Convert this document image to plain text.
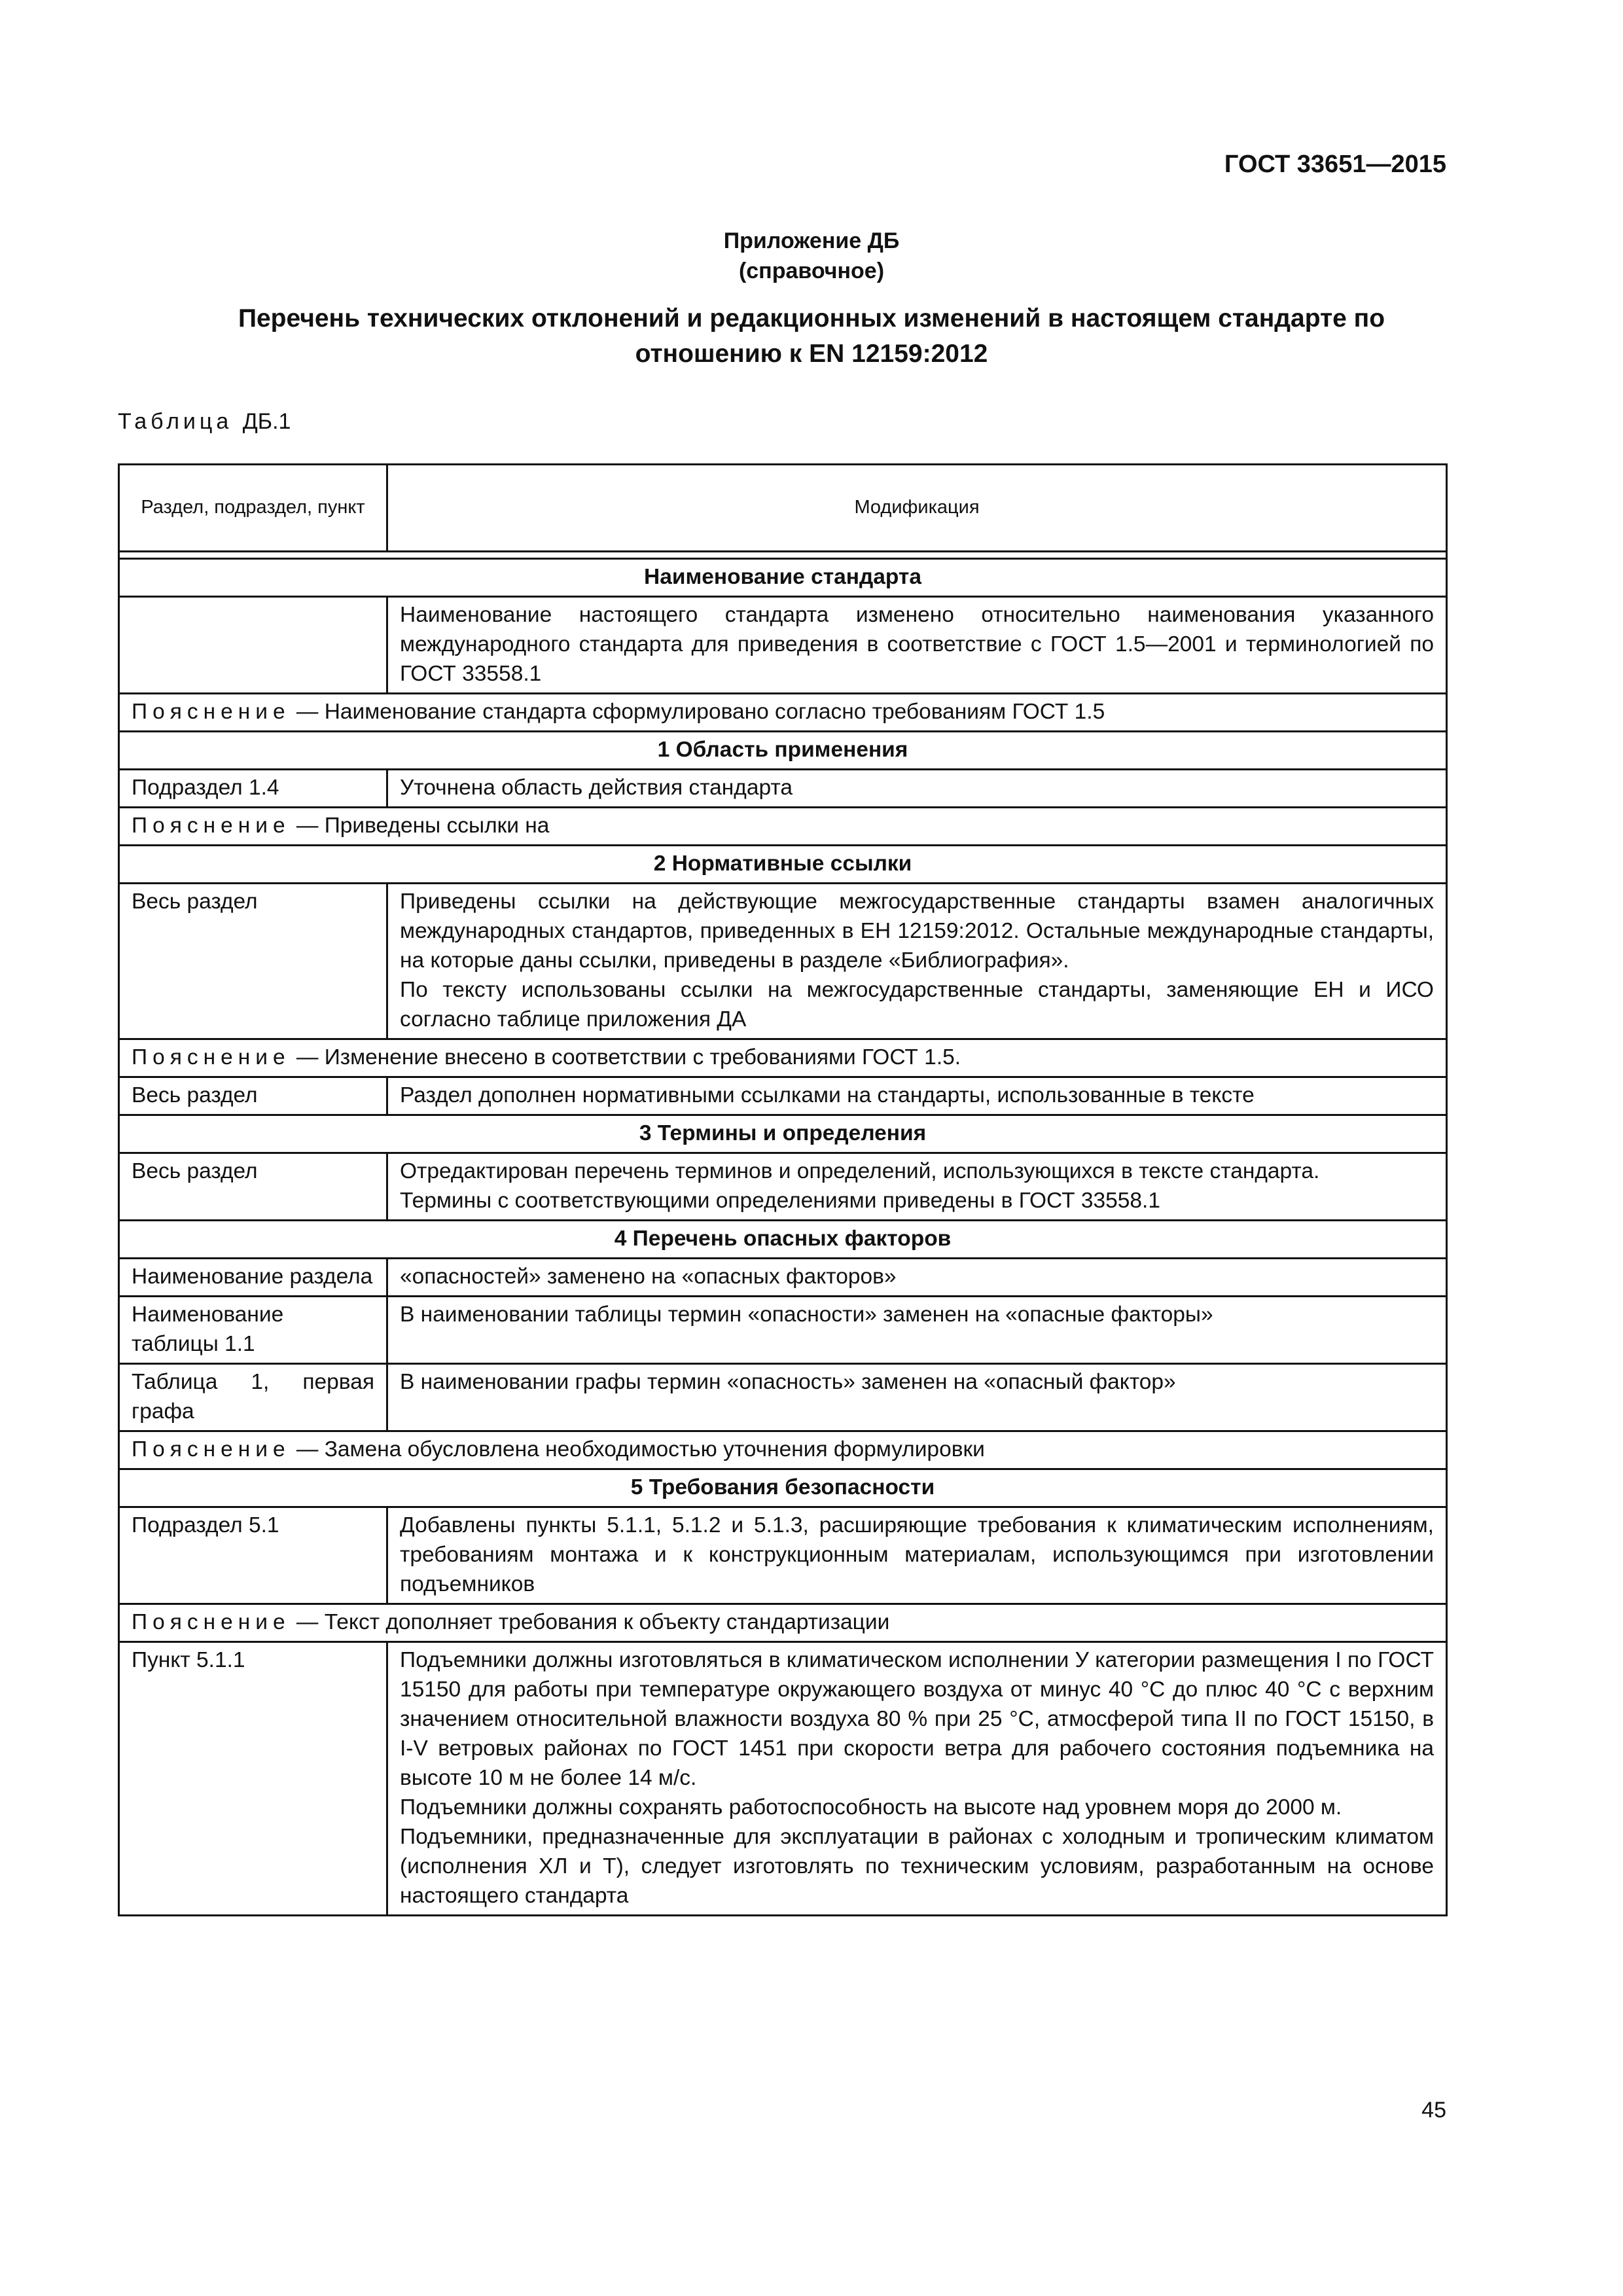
ГОСТ 33651—2015
Приложение ДБ
(справочное)
Перечень технических отклонений и редакционных изменений в настоящем стандарте по
отношению к EN 12159:2012
Таблица ДБ.1
Раздел, подраздел, пункт	Модификация

Наименование стандарта	

	Наименование настоящего стандарта изменено относительно наименования указанного международного стандарта для приведения в соответствие с ГОСТ 1.5—2001 и терминологией по ГОСТ 33558.1

Пояснение — Наименование стандарта сформулировано согласно требованиям ГОСТ 1.5	
1 Область применения	
Подраздел 1.4	Уточнена область действия стандарта

Пояснение — Приведены ссылки на	
2 Нормативные ссылки	
Весь раздел	Приведены ссылки на действующие межгосударственные стандарты взамен аналогичных международных стандартов, приведенных в ЕН 12159:2012. Остальные международные стандарты, на которые даны ссылки, приведены в разделе «Библиография».
По тексту использованы ссылки на межгосударственные стандарты, заменяющие ЕН и ИСО согласно таблице приложения ДА

Пояснение — Изменение внесено в соответствии с требованиями ГОСТ 1.5.	
Весь раздел	Раздел дополнен нормативными ссылками на стандарты, использованные в тексте

3 Термины и определения	
Весь раздел	Отредактирован перечень терминов и определений, использующихся в тексте стандарта.
Термины с соответствующими определениями приведены в ГОСТ 33558.1

4 Перечень опасных факторов	
Наименование раздела	«опасностей» заменено на «опасных факторов»

Наименование таблицы 1.1	В наименовании таблицы термин «опасности» заменен на «опасные факторы»

Таблица 1, первая графа	В наименовании графы термин «опасность» заменен на «опасный фактор»

Пояснение — Замена обусловлена необходимостью уточнения формулировки	
5 Требования безопасности	
Подраздел 5.1	Добавлены пункты 5.1.1, 5.1.2 и 5.1.3, расширяющие требования к климатическим исполнениям, требованиям монтажа и к конструкционным материалам, использующимся при изготовлении подъемников

Пояснение — Текст дополняет требования к объекту стандартизации	
Пункт 5.1.1	Подъемники должны изготовляться в климатическом исполнении У категории размещения I по ГОСТ 15150 для работы при температуре окружающего воздуха от минус 40 °С до плюс 40 °С с верхним значением относительной влажности воздуха 80 % при 25 °С, атмосферой типа II по ГОСТ 15150, в I-V ветровых районах по ГОСТ 1451 при скорости ветра для рабочего состояния подъемника на высоте 10 м не более 14 м/с.
Подъемники должны сохранять работоспособность на высоте над уровнем моря до 2000 м.
Подъемники, предназначенные для эксплуатации в районах с холодным и тропическим климатом (исполнения ХЛ и Т), следует изготовлять по техническим условиям, разработанным на основе настоящего стандарта
45
